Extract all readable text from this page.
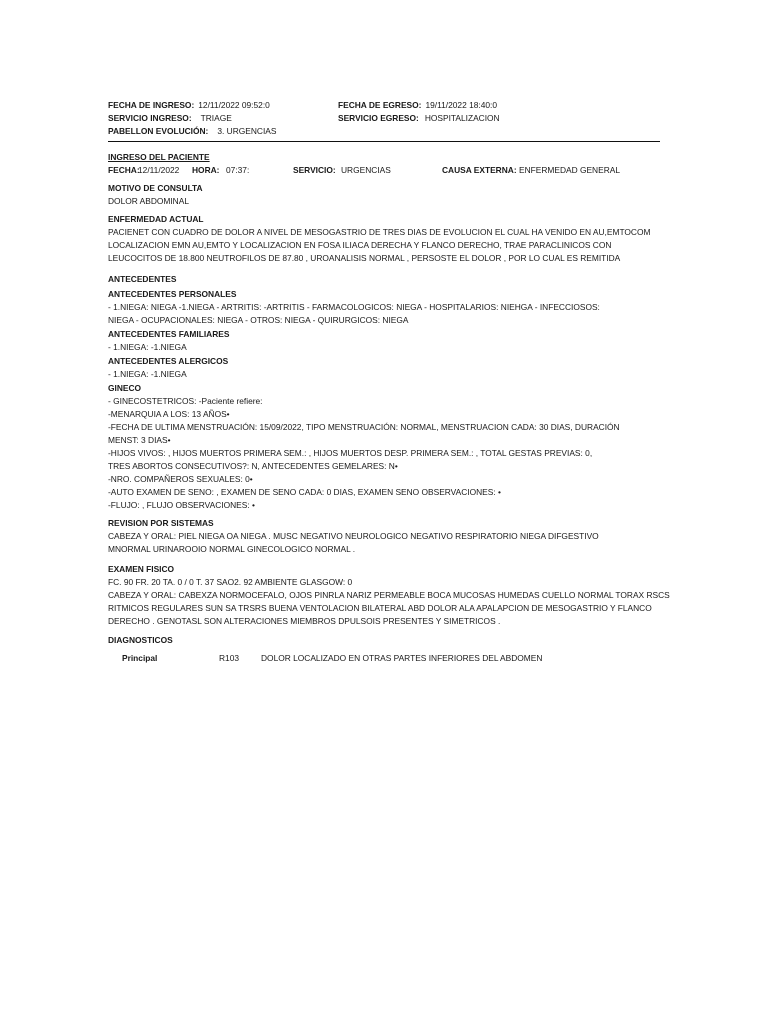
FECHA DE INGRESO: 12/11/2022 09:52:0	FECHA DE EGRESO: 19/11/2022 18:40:0
SERVICIO INGRESO: TRIAGE	SERVICIO EGRESO: HOSPITALIZACION
PABELLON EVOLUCIÓN: 3. URGENCIAS
INGRESO DEL PACIENTE
FECHA:
12/11/2022 HORA: 07:37:	SERVICIO: URGENCIAS	CAUSA EXTERNA: ENFERMEDAD GENERAL
MOTIVO DE CONSULTA
DOLOR ABDOMINAL
ENFERMEDAD ACTUAL
PACIENET CON CUADRO DE DOLOR A NIVEL DE MESOGASTRIO DE TRES DIAS DE EVOLUCION EL CUAL HA VENIDO EN AU,EMTOCOM
LOCALIZACION EMN AU,EMTO Y LOCALIZACION EN FOSA ILIACA DERECHA Y FLANCO DERECHO, TRAE PARACLINICOS CON
LEUCOCITOS DE 18.800 NEUTROFILOS DE 87.80 , UROANALISIS NORMAL , PERSOSTE EL DOLOR , POR LO CUAL ES REMITIDA
ANTECEDENTES
ANTECEDENTES PERSONALES
- 1.NIEGA: NIEGA -1.NIEGA - ARTRITIS: -ARTRITIS - FARMACOLOGICOS: NIEGA - HOSPITALARIOS: NIEHGA - INFECCIOSOS:
NIEGA - OCUPACIONALES: NIEGA - OTROS: NIEGA - QUIRURGICOS: NIEGA
ANTECEDENTES FAMILIARES
- 1.NIEGA: -1.NIEGA
ANTECEDENTES ALERGICOS
- 1.NIEGA: -1.NIEGA
GINECO
- GINECOSTETRICOS: -Paciente refiere:
-MENARQUIA A LOS: 13 AÑOS•
-FECHA DE ULTIMA MENSTRUACIÓN: 15/09/2022, TIPO MENSTRUACIÓN: NORMAL, MENSTRUACION CADA: 30 DIAS, DURACIÓN
MENST: 3 DIAS•
-HIJOS VIVOS: , HIJOS MUERTOS PRIMERA SEM.: , HIJOS MUERTOS DESP. PRIMERA SEM.: , TOTAL GESTAS PREVIAS: 0,
TRES ABORTOS CONSECUTIVOS?: N, ANTECEDENTES GEMELARES: N•
-NRO. COMPAÑEROS SEXUALES: 0•
-AUTO EXAMEN DE SENO: , EXAMEN DE SENO CADA: 0 DIAS, EXAMEN SENO OBSERVACIONES: •
-FLUJO: , FLUJO OBSERVACIONES: •
REVISION POR SISTEMAS
CABEZA Y ORAL: PIEL NIEGA OA NIEGA . MUSC NEGATIVO NEUROLOGICO NEGATIVO RESPIRATORIO NIEGA DIFGESTIVO
MNORMAL URINAROOIO NORMAL GINECOLOGICO NORMAL .
EXAMEN FISICO
FC. 90 FR. 20 TA. 0 / 0 T. 37 SAO2. 92 AMBIENTE GLASGOW: 0
CABEZA Y ORAL: CABEXZA NORMOCEFALO, OJOS PINRLA NARIZ PERMEABLE BOCA MUCOSAS HUMEDAS CUELLO NORMAL TORAX RSCS
RITMICOS REGULARES SUN SA TRSRS BUENA VENTOLACION BILATERAL ABD DOLOR ALA APALAPCION DE MESOGASTRIO Y FLANCO
DERECHO . GENOTASL SON ALTERACIONES MIEMBROS DPULSOIS PRESENTES Y SIMETRICOS .
DIAGNOSTICOS
Principal	R103	DOLOR LOCALIZADO EN OTRAS PARTES INFERIORES DEL ABDOMEN
